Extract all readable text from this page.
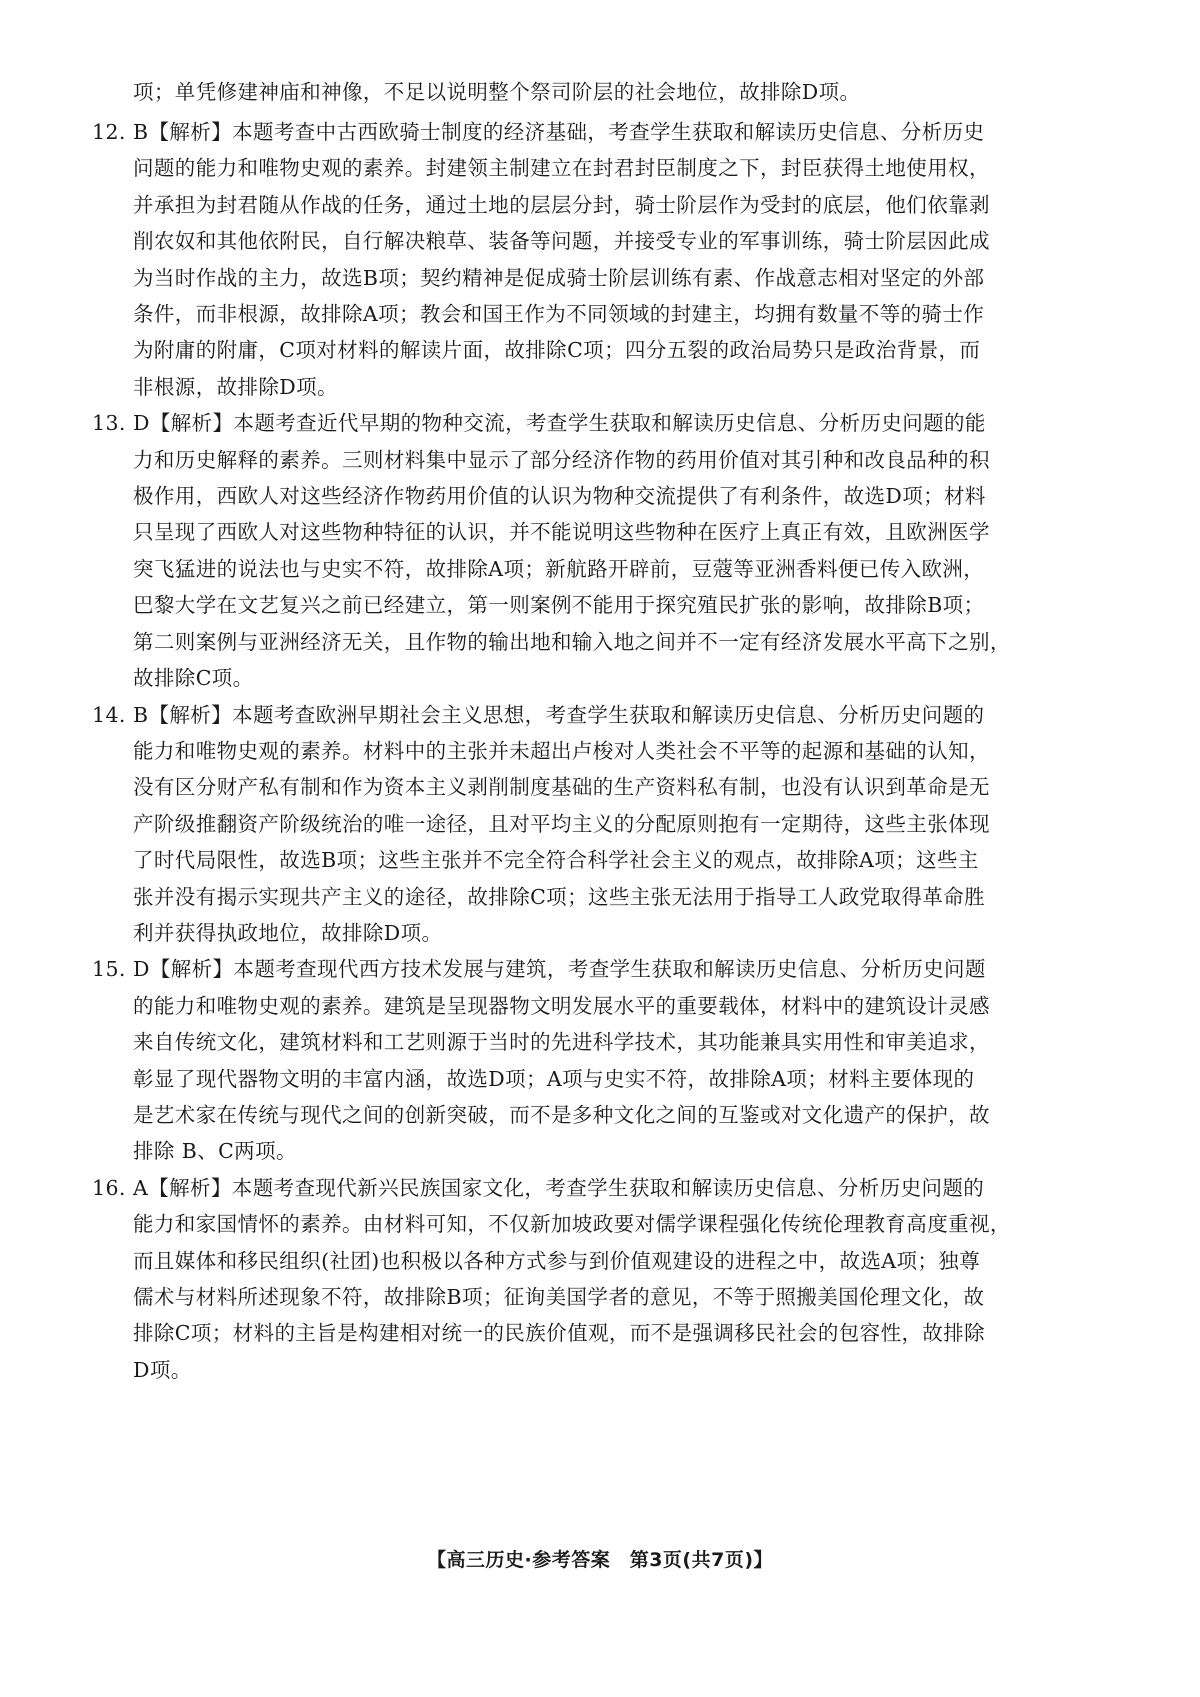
项；单凭修建神庙和神像，不足以说明整个祭司阶层的社会地位，故排除D项。
12. B【解析】本题考查中古西欧骑士制度的经济基础，考查学生获取和解读历史信息、分析历史
问题的能力和唯物史观的素养。封建领主制建立在封君封臣制度之下，封臣获得土地使用权，
并承担为封君随从作战的任务，通过土地的层层分封，骑士阶层作为受封的底层，他们依靠剥
削农奴和其他依附民，自行解决粮草、装备等问题，并接受专业的军事训练，骑士阶层因此成
为当时作战的主力，故选B项；契约精神是促成骑士阶层训练有素、作战意志相对坚定的外部
条件，而非根源，故排除A项；教会和国王作为不同领域的封建主，均拥有数量不等的骑士作
为附庸的附庸，C项对材料的解读片面，故排除C项；四分五裂的政治局势只是政治背景，而
非根源，故排除D项。
13. D【解析】本题考查近代早期的物种交流，考查学生获取和解读历史信息、分析历史问题的能
力和历史解释的素养。三则材料集中显示了部分经济作物的药用价值对其引种和改良品种的积
极作用，西欧人对这些经济作物药用价值的认识为物种交流提供了有利条件，故选D项；材料
只呈现了西欧人对这些物种特征的认识，并不能说明这些物种在医疗上真正有效，且欧洲医学
突飞猛进的说法也与史实不符，故排除A项；新航路开辟前，豆蔻等亚洲香料便已传入欧洲，
巴黎大学在文艺复兴之前已经建立，第一则案例不能用于探究殖民扩张的影响，故排除B项；
第二则案例与亚洲经济无关，且作物的输出地和输入地之间并不一定有经济发展水平高下之别，
故排除C项。
14. B【解析】本题考查欧洲早期社会主义思想，考查学生获取和解读历史信息、分析历史问题的
能力和唯物史观的素养。材料中的主张并未超出卢梭对人类社会不平等的起源和基础的认知，
没有区分财产私有制和作为资本主义剥削制度基础的生产资料私有制，也没有认识到革命是无
产阶级推翻资产阶级统治的唯一途径，且对平均主义的分配原则抱有一定期待，这些主张体现
了时代局限性，故选B项；这些主张并不完全符合科学社会主义的观点，故排除A项；这些主
张并没有揭示实现共产主义的途径，故排除C项；这些主张无法用于指导工人政党取得革命胜
利并获得执政地位，故排除D项。
15. D【解析】本题考查现代西方技术发展与建筑，考查学生获取和解读历史信息、分析历史问题
的能力和唯物史观的素养。建筑是呈现器物文明发展水平的重要载体，材料中的建筑设计灵感
来自传统文化，建筑材料和工艺则源于当时的先进科学技术，其功能兼具实用性和审美追求，
彰显了现代器物文明的丰富内涵，故选D项；A项与史实不符，故排除A项；材料主要体现的
是艺术家在传统与现代之间的创新突破，而不是多种文化之间的互鉴或对文化遗产的保护，故
排除 B、C两项。
16. A【解析】本题考查现代新兴民族国家文化，考查学生获取和解读历史信息、分析历史问题的
能力和家国情怀的素养。由材料可知，不仅新加坡政要对儒学课程强化传统伦理教育高度重视，
而且媒体和移民组织(社团)也积极以各种方式参与到价值观建设的进程之中，故选A项；独尊
儒术与材料所述现象不符，故排除B项；征询美国学者的意见，不等于照搬美国伦理文化，故
排除C项；材料的主旨是构建相对统一的民族价值观，而不是强调移民社会的包容性，故排除
D项。
【高三历史·参考答案　第3页(共7页)】
